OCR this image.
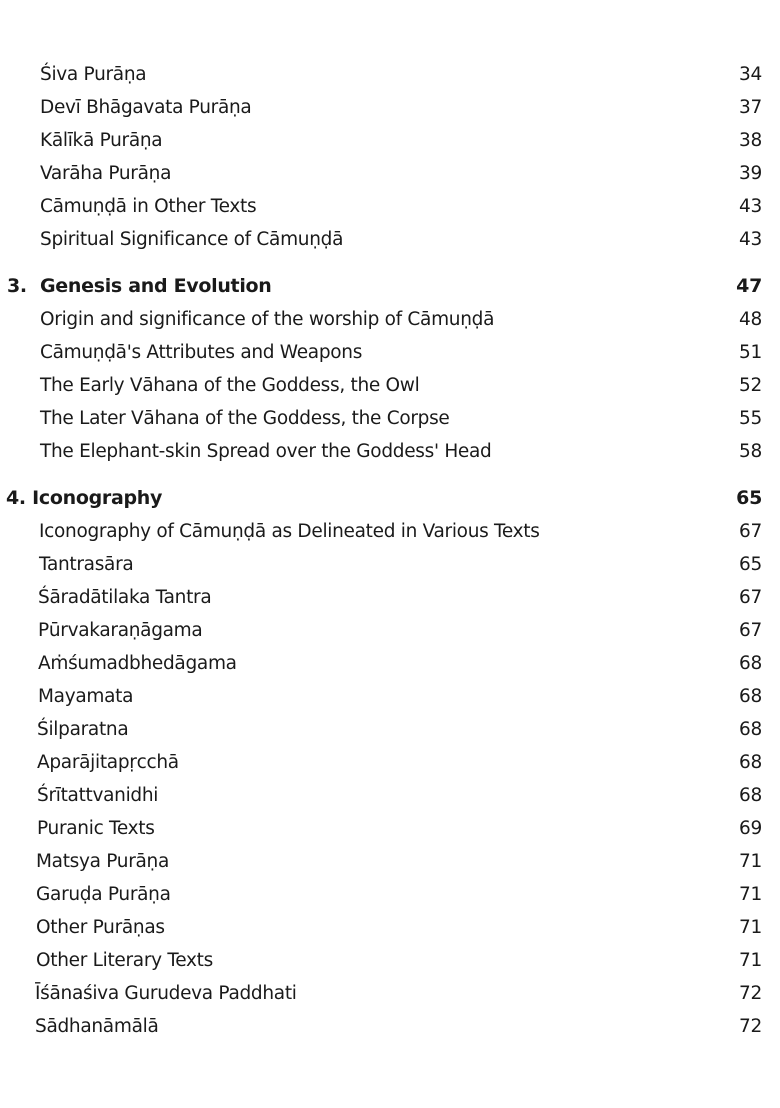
Śiva Purāṇa	34
Devī Bhāgavata Purāṇa	37
Kālīkā Purāṇa	38
Varāha Purāṇa	39
Cāmuṇḍā in Other Texts	43
Spiritual Significance of Cāmuṇḍā	43
3. Genesis and Evolution	47
Origin and significance of the worship of Cāmuṇḍā	48
Cāmuṇḍā's Attributes and Weapons	51
The Early Vāhana of the Goddess, the Owl	52
The Later Vāhana of the Goddess, the Corpse	55
The Elephant-skin Spread over the Goddess' Head	58
4. Iconography	65
Iconography of Cāmuṇḍā as Delineated in Various Texts	67
Tantrasāra	65
Śāradātilaka Tantra	67
Pūrvakaraṇāgama	67
Aṁśumadbhedāgama	68
Mayamata	68
Śilparatna	68
Aparājitapṛcchā	68
Śrītattvanidhi	68
Puranic Texts	69
Matsya Purāṇa	71
Garuḍa Purāṇa	71
Other Purāṇas	71
Other Literary Texts	71
Īśānaśiva Gurudeva Paddhati	72
Sādhanāmālā	72
